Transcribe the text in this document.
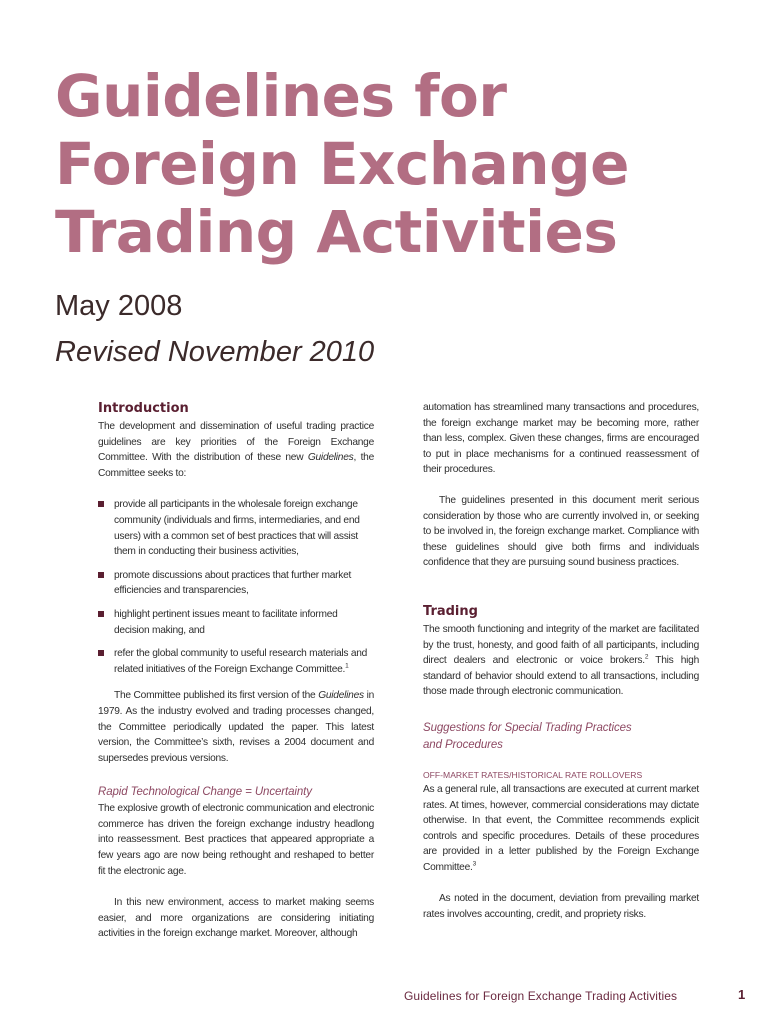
Guidelines for
Foreign Exchange
Trading Activities
May 2008
Revised November 2010
Introduction

The development and dissemination of useful trading practice guidelines are key priorities of the Foreign Exchange Committee. With the distribution of these new Guidelines, the Committee seeks to:

provide all participants in the wholesale foreign exchange community (individuals and firms, intermediaries, and end users) with a common set of best practices that will assist them in conducting their business activities,
promote discussions about practices that further market efficiencies and transparencies,
highlight pertinent issues meant to facilitate informed decision making, and
refer the global community to useful research materials and related initiatives of the Foreign Exchange Committee.$^1$

The Committee published its first version of the Guidelines in 1979. As the industry evolved and trading processes changed, the Committee periodically updated the paper. This latest version, the Committee’s sixth, revises a 2004 document and supersedes previous versions.

Rapid Technological Change = Uncertainty

The explosive growth of electronic communication and electronic commerce has driven the foreign exchange industry headlong into reassessment. Best practices that appeared appropriate a few years ago are now being rethought and reshaped to better fit the electronic age.

In this new environment, access to market making seems easier, and more organizations are considering initiating activities in the foreign exchange market. Moreover, although

automation has streamlined many transactions and procedures, the foreign exchange market may be becoming more, rather than less, complex. Given these changes, firms are encouraged to put in place mechanisms for a continued reassessment of their procedures.

The guidelines presented in this document merit serious consideration by those who are currently involved in, or seeking to be involved in, the foreign exchange market. Compliance with these guidelines should give both firms and individuals confidence that they are pursuing sound business practices.

Trading

The smooth functioning and integrity of the market are facilitated by the trust, honesty, and good faith of all participants, including direct dealers and electronic or voice brokers.$^2$ This high standard of behavior should extend to all transactions, including those made through electronic communication.

Suggestions for Special Trading Practices
and Procedures
OFF-MARKET RATES/HISTORICAL RATE ROLLOVERS

As a general rule, all transactions are executed at current market rates. At times, however, commercial considerations may dictate otherwise. In that event, the Committee recommends explicit controls and specific procedures. Details of these procedures are provided in a letter published by the Foreign Exchange Committee.$^3$

As noted in the document, deviation from prevailing market rates involves accounting, credit, and propriety risks.

Guidelines for Foreign Exchange Trading Activities	1
